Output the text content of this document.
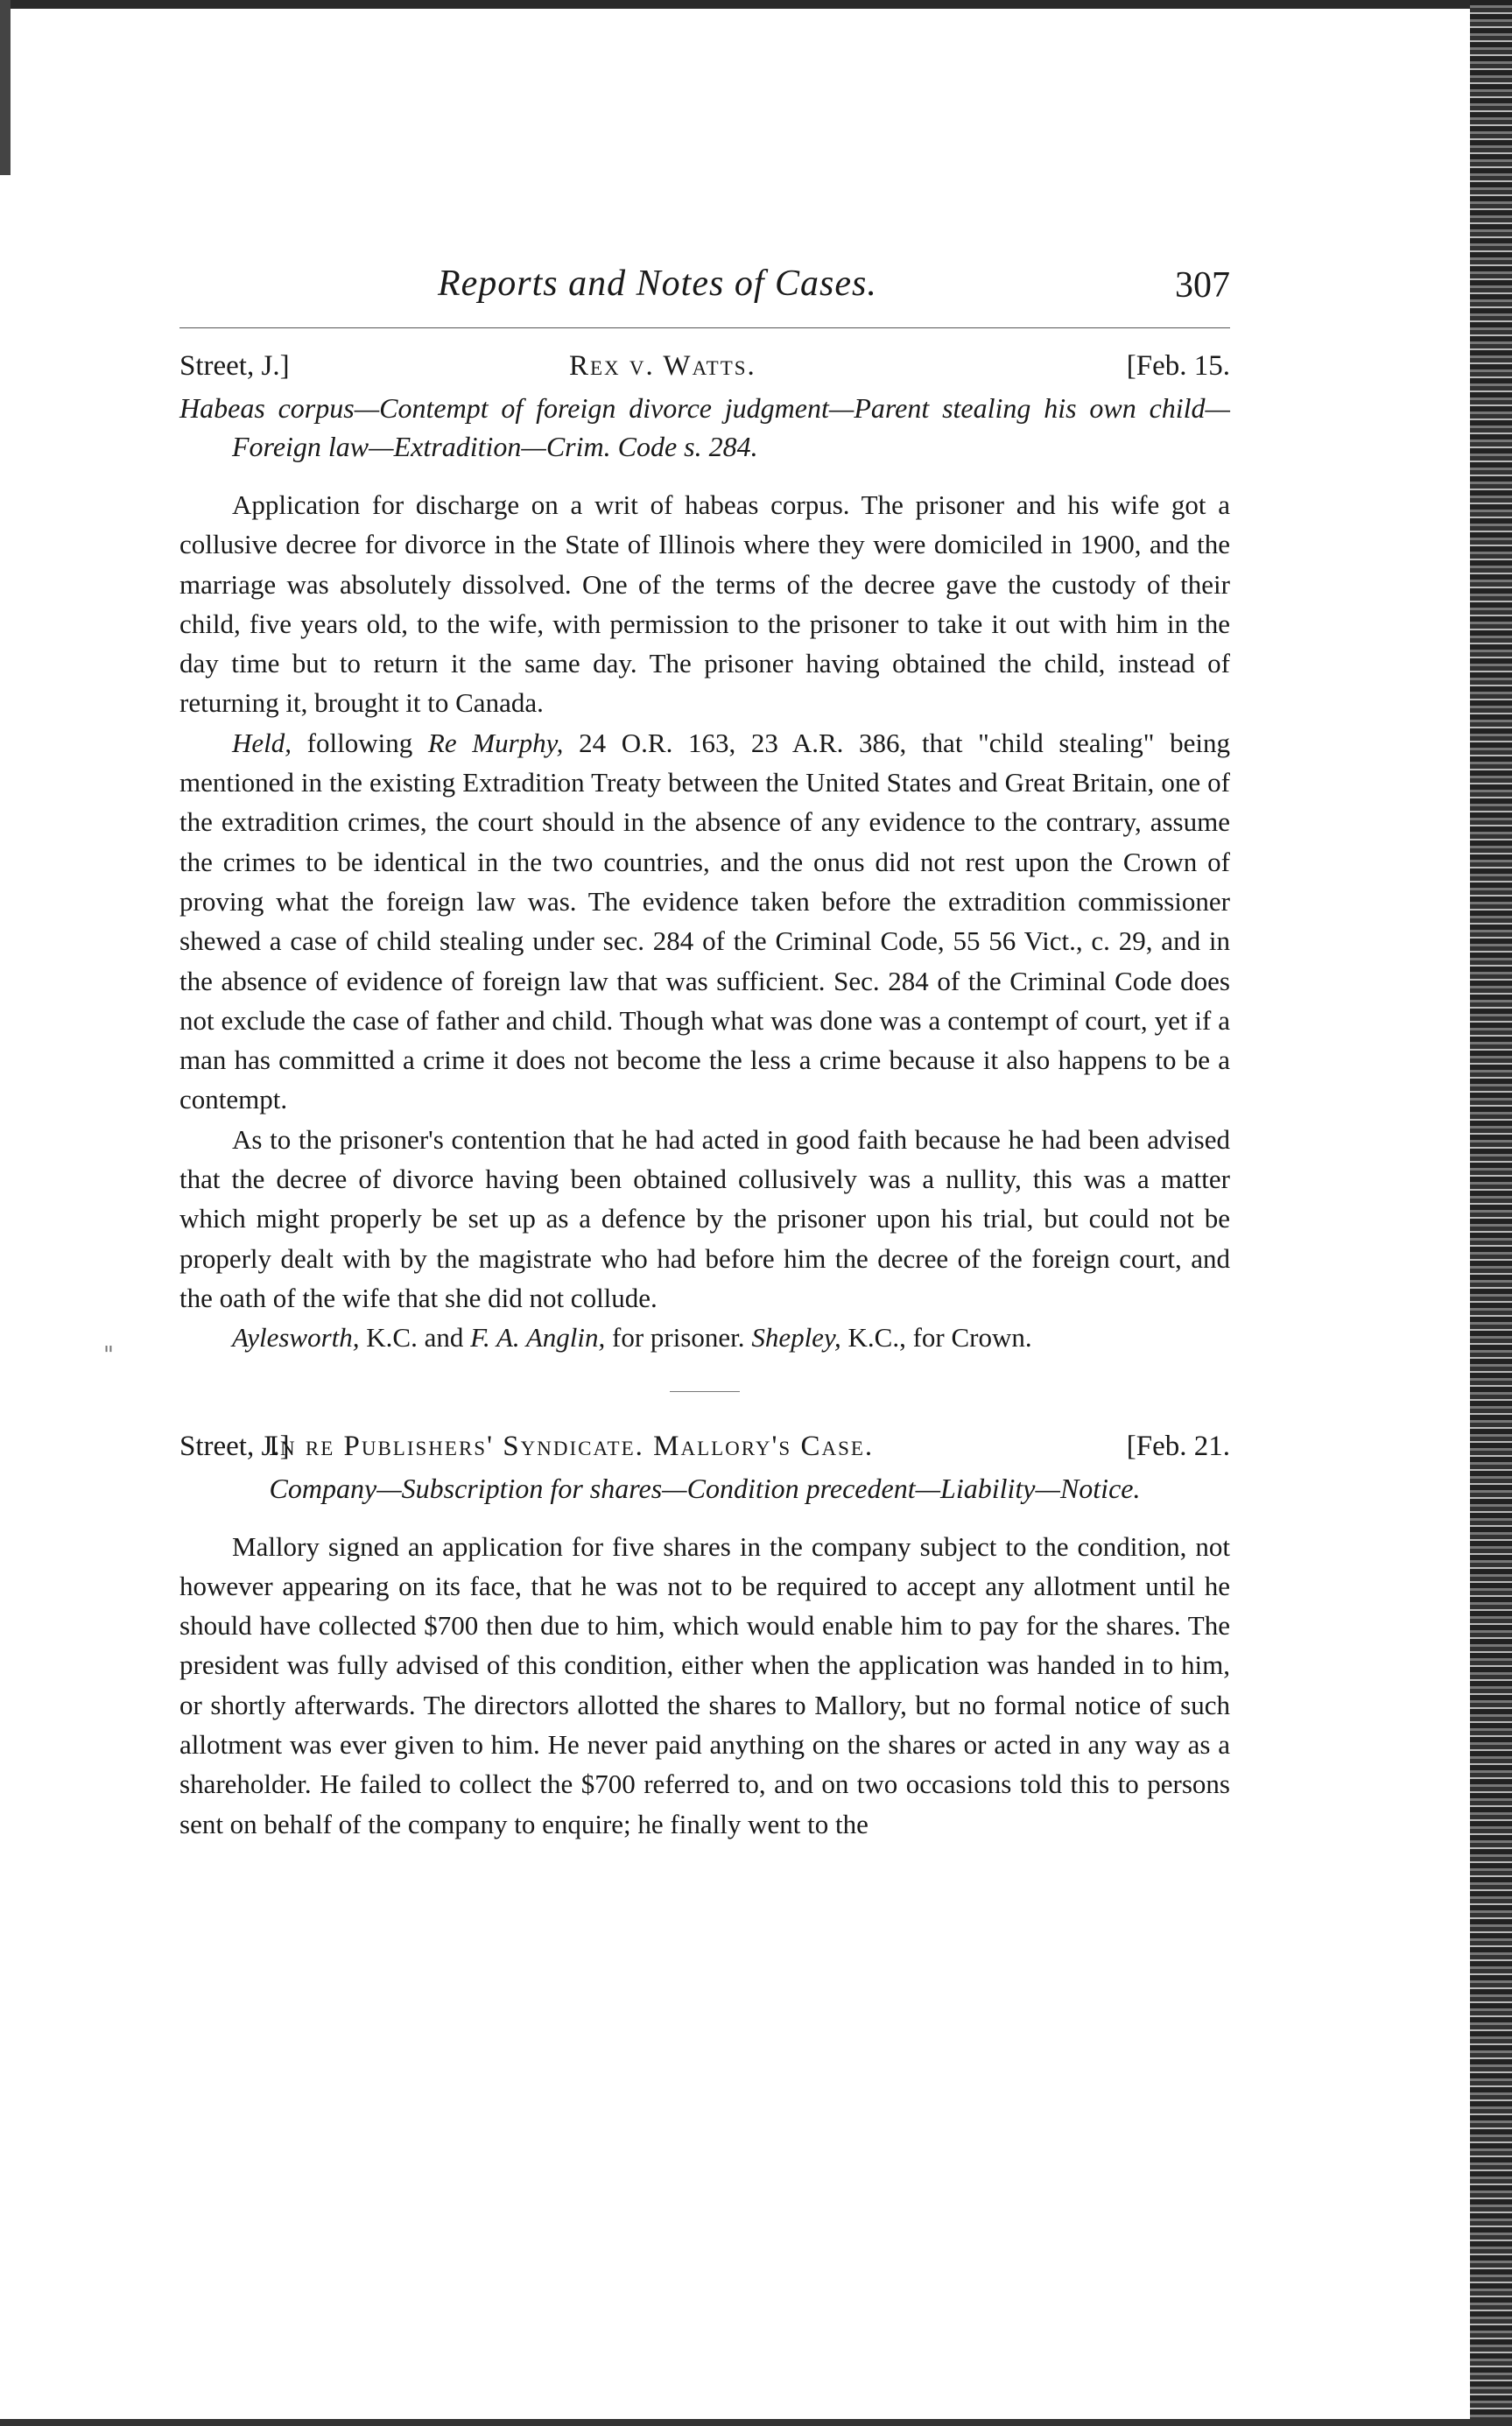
"
Reports and Notes of Cases.	307
Street, J.]	Rex v. Watts.	[Feb. 15.

Habeas corpus—Contempt of foreign divorce judgment—Parent stealing his own child—Foreign law—Extradition—Crim. Code s. 284.

Application for discharge on a writ of habeas corpus. The prisoner and his wife got a collusive decree for divorce in the State of Illinois where they were domiciled in 1900, and the marriage was absolutely dissolved. One of the terms of the decree gave the custody of their child, five years old, to the wife, with permission to the prisoner to take it out with him in the day time but to return it the same day. The prisoner having obtained the child, instead of returning it, brought it to Canada.

Held, following Re Murphy, 24 O.R. 163, 23 A.R. 386, that "child stealing" being mentioned in the existing Extradition Treaty between the United States and Great Britain, one of the extradition crimes, the court should in the absence of any evidence to the contrary, assume the crimes to be identical in the two countries, and the onus did not rest upon the Crown of proving what the foreign law was. The evidence taken before the extradition commissioner shewed a case of child stealing under sec. 284 of the Criminal Code, 55 56 Vict., c. 29, and in the absence of evidence of foreign law that was sufficient. Sec. 284 of the Criminal Code does not exclude the case of father and child. Though what was done was a contempt of court, yet if a man has committed a crime it does not become the less a crime because it also happens to be a contempt.

As to the prisoner's contention that he had acted in good faith because he had been advised that the decree of divorce having been obtained collusively was a nullity, this was a matter which might properly be set up as a defence by the prisoner upon his trial, but could not be properly dealt with by the magistrate who had before him the decree of the foreign court, and the oath of the wife that she did not collude.

Aylesworth, K.C. and F. A. Anglin, for prisoner. Shepley, K.C., for Crown.

Street, J.]
In re Publishers' Syndicate. Mallory's Case.	[Feb. 21.

Company—Subscription for shares—Condition precedent—Liability—Notice.

Mallory signed an application for five shares in the company subject to the condition, not however appearing on its face, that he was not to be required to accept any allotment until he should have collected $700 then due to him, which would enable him to pay for the shares. The president was fully advised of this condition, either when the application was handed in to him, or shortly afterwards. The directors allotted the shares to Mallory, but no formal notice of such allotment was ever given to him. He never paid anything on the shares or acted in any way as a shareholder. He failed to collect the $700 referred to, and on two occasions told this to persons sent on behalf of the company to enquire; he finally went to the
